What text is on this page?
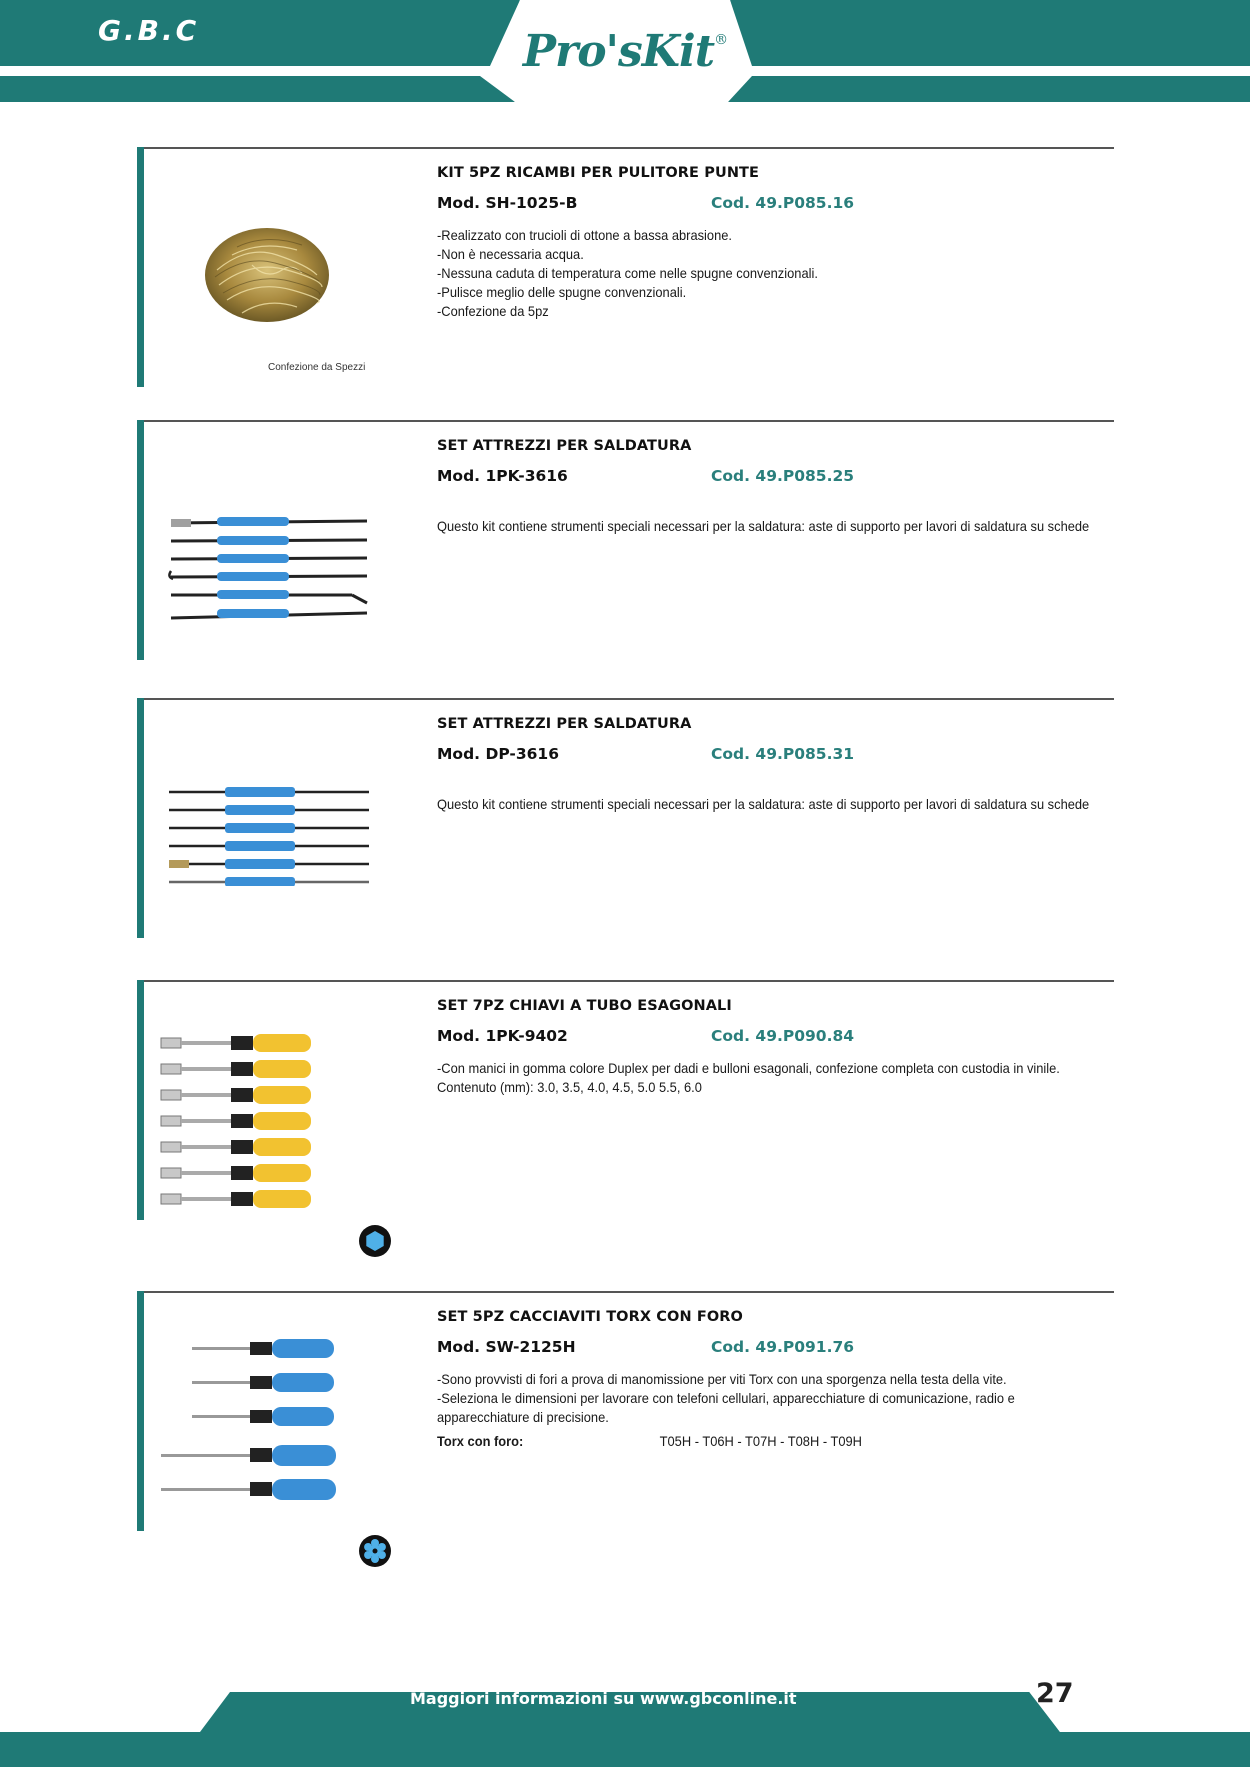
G.B.C	Pro'sKit®
Confezione da Spezzi
KIT 5PZ RICAMBI PER PULITORE PUNTE
Mod. SH-1025-B	Cod. 49.P085.16
-Realizzato con trucioli di ottone a bassa abrasione.
-Non è necessaria acqua.
-Nessuna caduta di temperatura come nelle spugne convenzionali.
-Pulisce meglio delle spugne convenzionali.
-Confezione da 5pz
SET ATTREZZI PER SALDATURA
Mod. 1PK-3616	Cod. 49.P085.25
Questo kit contiene strumenti speciali necessari per la saldatura: aste di supporto per lavori di saldatura su schede
SET ATTREZZI PER SALDATURA
Mod. DP-3616	Cod. 49.P085.31
Questo kit contiene strumenti speciali necessari per la saldatura: aste di supporto per lavori di saldatura su schede
SET 7PZ CHIAVI A TUBO ESAGONALI
Mod. 1PK-9402	Cod. 49.P090.84
-Con manici in gomma colore Duplex per dadi e bulloni esagonali, confezione completa con custodia in vinile. Contenuto (mm): 3.0, 3.5, 4.0, 4.5, 5.0 5.5, 6.0
SET 5PZ CACCIAVITI TORX CON FORO
Mod. SW-2125H	Cod. 49.P091.76
-Sono provvisti di fori a prova di manomissione per viti Torx con una sporgenza nella testa della vite.
-Seleziona le dimensioni per lavorare con telefoni cellulari, apparecchiature di comunicazione, radio e apparecchiature di precisione.
Torx con foro:	T05H - T06H - T07H - T08H - T09H
Maggiori informazioni su www.gbconline.it	27
